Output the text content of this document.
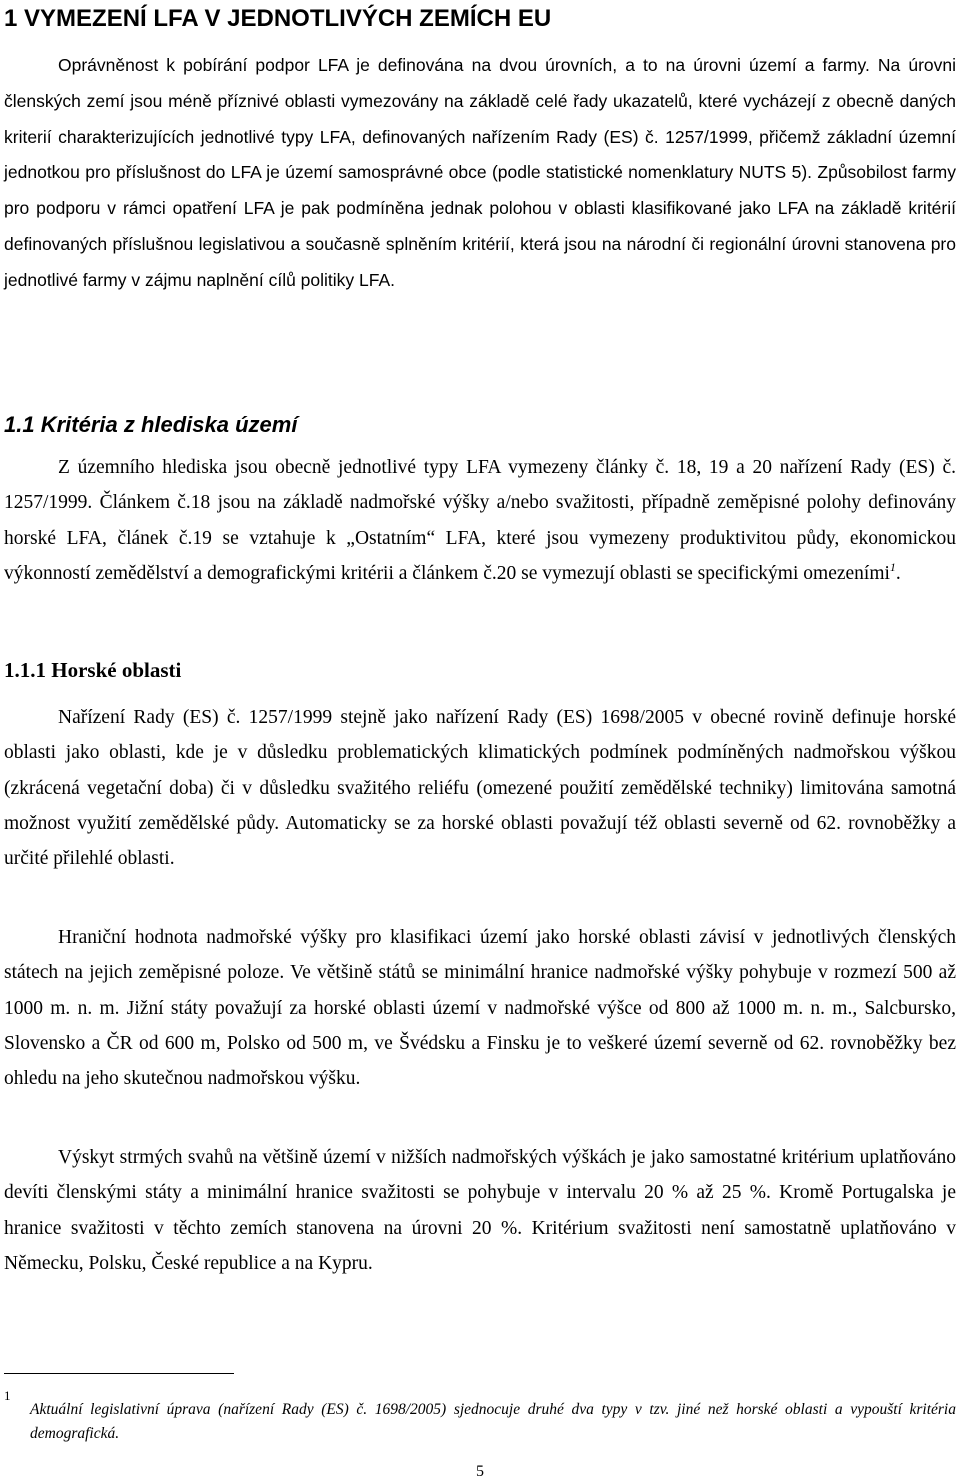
1 VYMEZENÍ LFA V JEDNOTLIVÝCH ZEMÍCH EU
Oprávněnost k pobírání podpor LFA je definována na dvou úrovních, a to na úrovni území a farmy. Na úrovni členských zemí jsou méně příznivé oblasti vymezovány na základě celé řady ukazatelů, které vycházejí z obecně daných kriterií charakterizujících jednotlivé typy LFA, definovaných nařízením Rady (ES) č. 1257/1999, přičemž základní územní jednotkou pro příslušnost do LFA je území samosprávné obce (podle statistické nomenklatury NUTS 5). Způsobilost farmy pro podporu v rámci opatření LFA je pak podmíněna jednak polohou v oblasti klasifikované jako LFA na základě kritérií definovaných příslušnou legislativou a současně splněním kritérií, která jsou na národní či regionální úrovni stanovena pro jednotlivé farmy v zájmu naplnění cílů politiky LFA.
1.1 Kritéria z hlediska území
Z územního hlediska jsou obecně jednotlivé typy LFA vymezeny články č. 18, 19 a 20 nařízení Rady (ES) č. 1257/1999. Článkem č.18 jsou na základě nadmořské výšky a/nebo svažitosti, případně zeměpisné polohy definovány horské LFA, článek č.19 se vztahuje k „Ostatním“ LFA, které jsou vymezeny produktivitou půdy, ekonomickou výkonností zemědělství a demografickými kritérii a článkem č.20 se vymezují oblasti se specifickými omezeními$^1$.
1.1.1 Horské oblasti
Nařízení Rady (ES) č. 1257/1999 stejně jako nařízení Rady (ES) 1698/2005 v obecné rovině definuje horské oblasti jako oblasti, kde je v důsledku problematických klimatických podmínek podmíněných nadmořskou výškou (zkrácená vegetační doba) či v důsledku svažitého reliéfu (omezené použití zemědělské techniky) limitována samotná možnost využití zemědělské půdy. Automaticky se za horské oblasti považují též oblasti severně od 62. rovnoběžky a určité přilehlé oblasti.
Hraniční hodnota nadmořské výšky pro klasifikaci území jako horské oblasti závisí v jednotlivých členských státech na jejich zeměpisné poloze. Ve většině států se minimální hranice nadmořské výšky pohybuje v rozmezí 500 až 1000 m. n. m. Jižní státy považují za horské oblasti území v nadmořské výšce od 800 až 1000 m. n. m., Salcbursko, Slovensko a ČR od 600 m, Polsko od 500 m, ve Švédsku a Finsku je to veškeré území severně od 62. rovnoběžky bez ohledu na jeho skutečnou nadmořskou výšku.
Výskyt strmých svahů na většině území v nižších nadmořských výškách je jako samostatné kritérium uplatňováno devíti členskými státy a minimální hranice svažitosti se pohybuje v intervalu 20 % až 25 %. Kromě Portugalska je hranice svažitosti v těchto zemích stanovena na úrovni 20 %. Kritérium svažitosti není samostatně uplatňováno v Německu, Polsku, České republice a na Kypru.
1
Aktuální legislativní úprava (nařízení Rady (ES) č. 1698/2005) sjednocuje druhé dva typy v tzv. jiné než horské oblasti a vypouští kritéria demografická.
5
